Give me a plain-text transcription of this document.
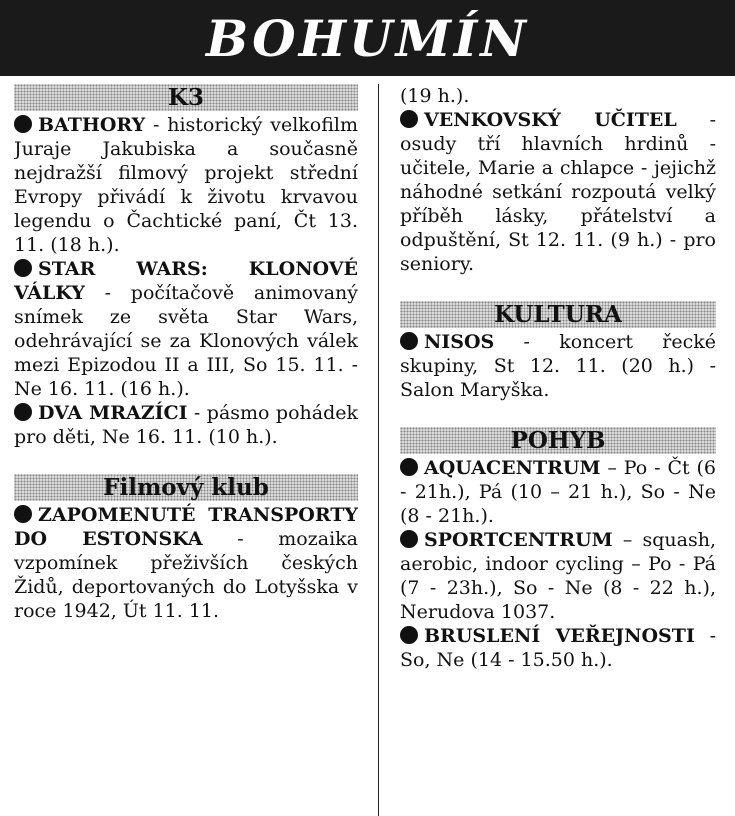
BOHUMÍN
K3

BATHORY - historický velkofilm Juraje Jakubiska a současně nejdražší filmový projekt střední Evropy přivádí k životu krvavou legendu o Čachtické paní, Čt 13. 11. (18 h.).

STAR WARS: KLONOVÉ VÁLKY - počítačově animovaný snímek ze světa Star Wars, odehrávající se za Klonových válek mezi Epizodou II a III, So 15. 11. - Ne 16. 11. (16 h.).

DVA MRAZÍCI - pásmo pohádek pro děti, Ne 16. 11. (10 h.).

Filmový klub

ZAPOMENUTÉ TRANSPORTY DO ESTONSKA - mozaika vzpomínek přeživších českých Židů, deportovaných do Lotyšska v roce 1942, Út 11. 11.

(19 h.).

VENKOVSKÝ UČITEL - osudy tří hlavních hrdinů - učitele, Marie a chlapce - jejichž náhodné setkání rozpoutá velký příběh lásky, přátelství a odpuštění, St 12. 11. (9 h.) - pro seniory.

KULTURA

NISOS - koncert řecké skupiny, St 12. 11. (20 h.) - Salon Maryška.

POHYB

AQUACENTRUM – Po - Čt (6 - 21h.), Pá (10 – 21 h.), So - Ne (8 - 21h.).

SPORTCENTRUM – squash, aerobic, indoor cycling – Po - Pá (7 - 23h.), So - Ne (8 - 22 h.), Nerudova 1037.

BRUSLENÍ VEŘEJNOSTI - So, Ne (14 - 15.50 h.).
